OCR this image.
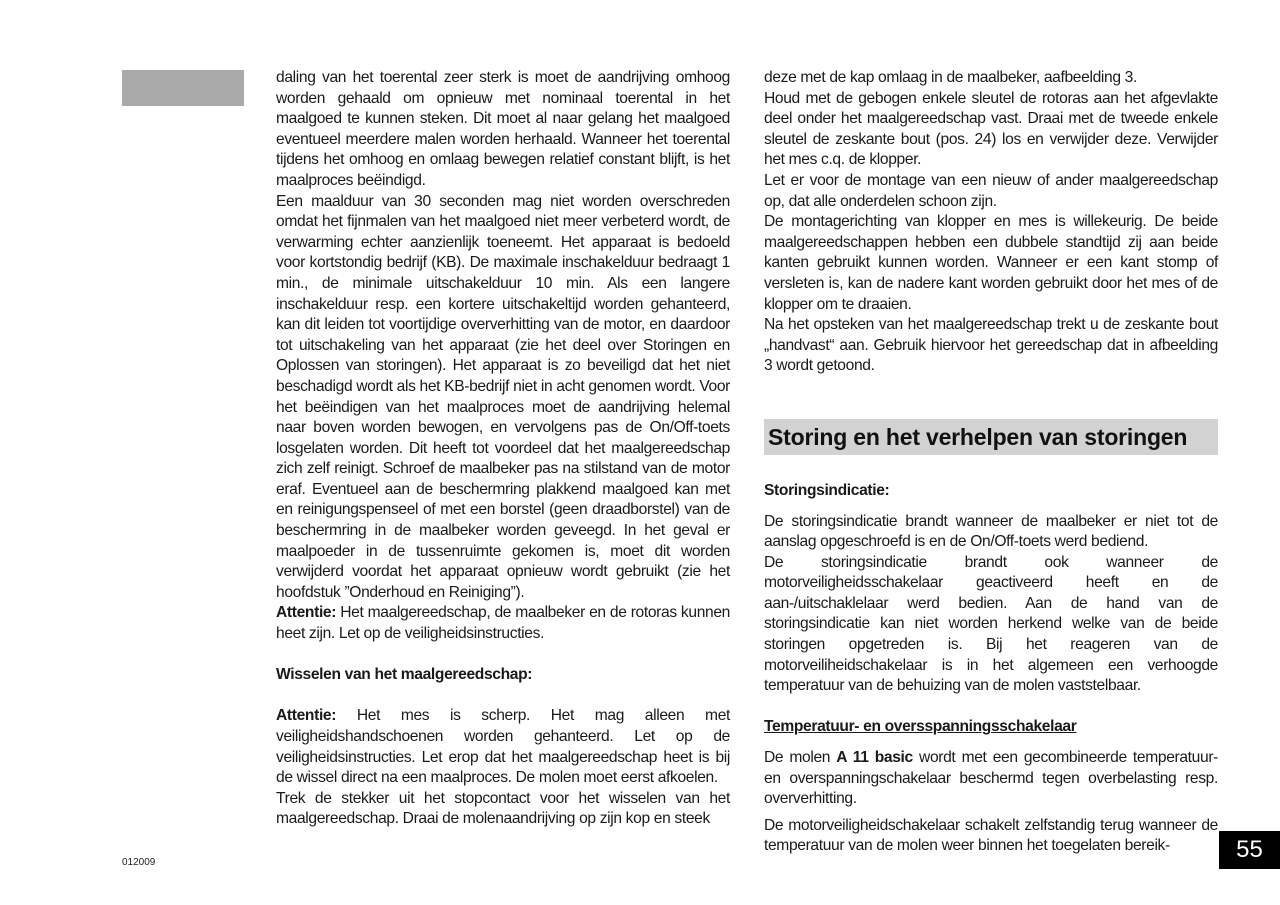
daling van het toerental zeer sterk is moet de aandrijving omhoog worden gehaald om opnieuw met nominaal toerental in het maalgoed te kunnen steken. Dit moet al naar gelang het maalgoed eventueel meerdere malen worden herhaald. Wanneer het toerental tijdens het omhoog en omlaag bewegen relatief constant blijft, is het maalproces beëindigd.

Een maalduur van 30 seconden mag niet worden overschreden omdat het fijnmalen van het maalgoed niet meer verbeterd wordt, de verwarming echter aanzienlijk toeneemt. Het apparaat is bedoeld voor kortstondig bedrijf (KB). De maximale inschakelduur bedraagt 1 min., de minimale uitschakelduur 10 min. Als een langere inschakelduur resp. een kortere uitschakeltijd worden gehanteerd, kan dit leiden tot voortijdige oververhitting van de motor, en daardoor tot uitschakeling van het apparaat (zie het deel over Storingen en Oplossen van storingen). Het apparaat is zo beveiligd dat het niet beschadigd wordt als het KB-bedrijf niet in acht genomen wordt. Voor het beëindigen van het maalproces moet de aandrijving helemal naar boven worden bewogen, en vervolgens pas de On/Off-toets losgelaten worden. Dit heeft tot voordeel dat het maalgereedschap zich zelf reinigt. Schroef de maalbeker pas na stilstand van de motor eraf. Eventueel aan de beschermring plakkend maalgoed kan met en reinigungspenseel of met een borstel (geen draadborstel) van de beschermring in de maalbeker worden geveegd. In het geval er maalpoeder in de tussenruimte gekomen is, moet dit worden verwijderd voordat het apparaat opnieuw wordt gebruikt (zie het hoofdstuk ”Onderhoud en Reiniging”).

Attentie: Het maalgereedschap, de maalbeker en de rotoras kunnen heet zijn. Let op de veiligheidsinstructies.

Wisselen van het maalgereedschap:

Attentie: Het mes is scherp. Het mag alleen met veiligheidshandschoenen worden gehanteerd. Let op de veiligheidsinstructies. Let erop dat het maalgereedschap heet is bij de wissel direct na een maalproces. De molen moet eerst afkoelen.

Trek de stekker uit het stopcontact voor het wisselen van het maalgereedschap. Draai de molenaandrijving op zijn kop en steek

deze met de kap omlaag in de maalbeker, aafbeelding 3.

Houd met de gebogen enkele sleutel de rotoras aan het afgevlakte deel onder het maalgereedschap vast. Draai met de tweede enkele sleutel de zeskante bout (pos. 24) los en verwijder deze. Verwijder het mes c.q. de klopper.

Let er voor de montage van een nieuw of ander maalgereedschap op, dat alle onderdelen schoon zijn.

De montagerichting van klopper en mes is willekeurig. De beide maalgereedschappen hebben een dubbele standtijd zij aan beide kanten gebruikt kunnen worden. Wanneer er een kant stomp of versleten is, kan de nadere kant worden gebruikt door het mes of de klopper om te draaien.

Na het opsteken van het maalgereedschap trekt u de zeskante bout „handvast“ aan. Gebruik hiervoor het gereedschap dat in afbeelding 3 wordt getoond.

Storing en het verhelpen van storingen
Storingsindicatie:

De storingsindicatie brandt wanneer de maalbeker er niet tot de aanslag opgeschroefd is en de On/Off-toets werd bediend.

De storingsindicatie brandt ook wanneer de motorveiligheidsschakelaar geactiveerd heeft en de aan-/uitschaklelaar werd bedien. Aan de hand van de storingsindicatie kan niet worden herkend welke van de beide storingen opgetreden is. Bij het reageren van de motorveiliheidschakelaar is in het algemeen een verhoogde temperatuur van de behuizing van de molen vaststelbaar.

Temperatuur- en oversspanningsschakelaar

De molen A 11 basic wordt met een gecombineerde temperatuur- en overspanningschakelaar beschermd tegen overbelasting resp. oververhitting.

De motorveiligheidschakelaar schakelt zelfstandig terug wanneer de temperatuur van de molen weer binnen het toegelaten bereik-

012009	55
